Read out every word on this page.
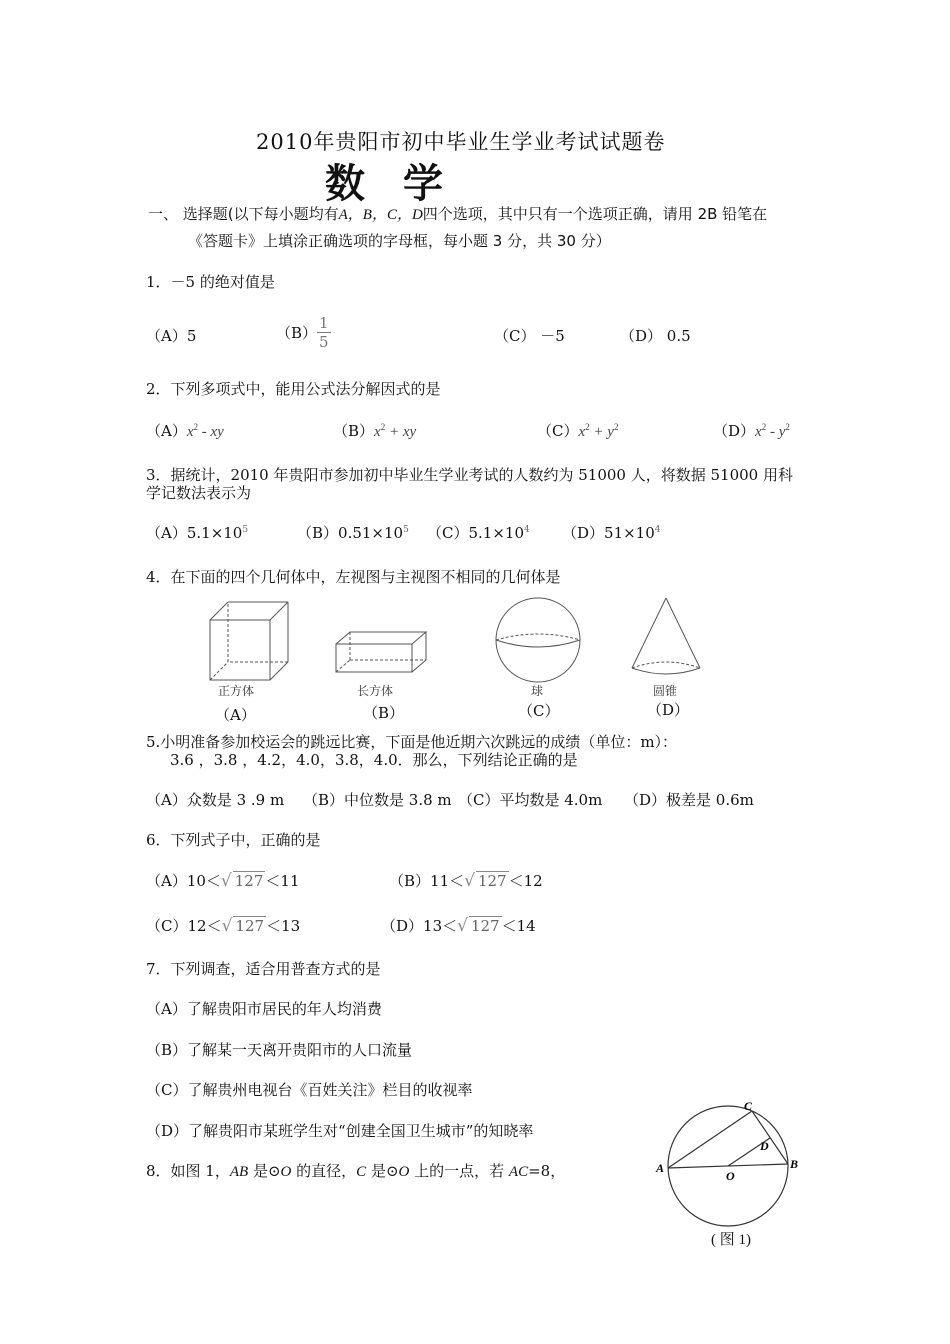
2010年贵阳市初中毕业生学业考试试题卷
数学
一、 选择题(以下每小题均有A，B，C，D四个选项，其中只有一个选项正确，请用 2B 铅笔在
《答题卡》上填涂正确选项的字母框，每小题 3 分，共 30 分）
1．－5 的绝对值是
（A）5	$(B) \frac{1}{5}$	（C） －5	（D） 0.5
2．下列多项式中，能用公式法分解因式的是
$(A)x^2$ - xy	$(B)x^2$ + xy	$(C)x^2 + y^2$	$(D)x^2 - y^2$
3．据统计，2010 年贵阳市参加初中毕业生学业考试的人数约为 51000 人，将数据 51000 用科
学记数法表示为
$(A)5.1\times 10^5$	$(B)0.51\times 10^5$ $(C)5.1\times 10^4$ $(D)51\times 10^4$
4．在下面的四个几何体中，左视图与主视图不相同的几何体是
正方体	长方体	球	圆锥
（A）	（B）	（C）	（D）
5.小明准备参加校运会的跳远比赛，下面是他近期六次跳远的成绩（单位：m）：
3.6 ，3.8 ，4.2，4.0，3.8，4.0．那么，下列结论正确的是
（A）众数是 3 .9 m （B）中位数是 3.8 m （C）平均数是 4.0m （D）极差是 0.6m
6．下列式子中，正确的是
（A）10＜√ 127 ＜11	（B）11＜√ 127 ＜12
（C）12＜√ 127 ＜13	（D）13＜√ 127 ＜14
7．下列调查，适合用普查方式的是
（A）了解贵阳市居民的年人均消费
（B）了解某一天离开贵阳市的人口流量
（C）了解贵州电视台《百姓关注》栏目的收视率
（D）了解贵阳市某班学生对“创建全国卫生城市”的知晓率
8．如图 1，AB 是⊙O 的直径，C 是⊙O 上的一点，若 AC=8，
C
D
A	B
O
( 图 1)
